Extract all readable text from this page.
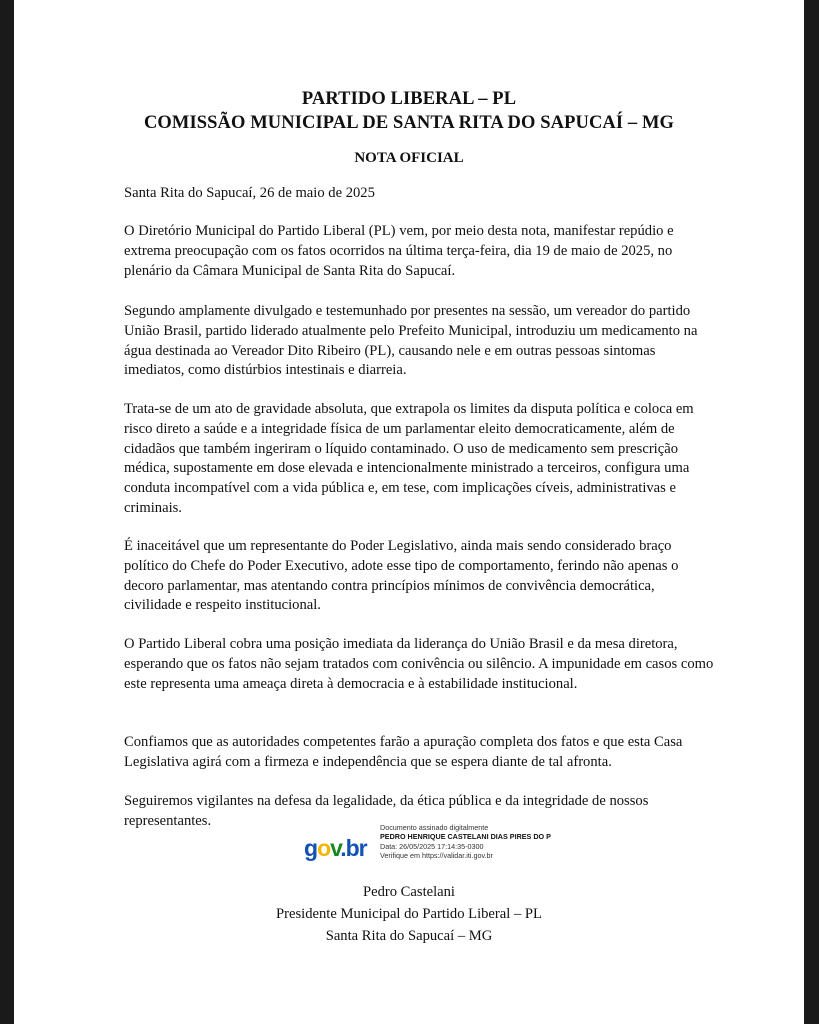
PARTIDO LIBERAL – PL
COMISSÃO MUNICIPAL DE SANTA RITA DO SAPUCAÍ – MG
NOTA OFICIAL

Santa Rita do Sapucaí, 26 de maio de 2025

O Diretório Municipal do Partido Liberal (PL) vem, por meio desta nota, manifestar repúdio e extrema preocupação com os fatos ocorridos na última terça-feira, dia 19 de maio de 2025, no plenário da Câmara Municipal de Santa Rita do Sapucaí.

Segundo amplamente divulgado e testemunhado por presentes na sessão, um vereador do partido União Brasil, partido liderado atualmente pelo Prefeito Municipal, introduziu um medicamento na água destinada ao Vereador Dito Ribeiro (PL), causando nele e em outras pessoas sintomas imediatos, como distúrbios intestinais e diarreia.

Trata-se de um ato de gravidade absoluta, que extrapola os limites da disputa política e coloca em risco direto a saúde e a integridade física de um parlamentar eleito democraticamente, além de cidadãos que também ingeriram o líquido contaminado. O uso de medicamento sem prescrição médica, supostamente em dose elevada e intencionalmente ministrado a terceiros, configura uma conduta incompatível com a vida pública e, em tese, com implicações cíveis, administrativas e criminais.

É inaceitável que um representante do Poder Legislativo, ainda mais sendo considerado braço político do Chefe do Poder Executivo, adote esse tipo de comportamento, ferindo não apenas o decoro parlamentar, mas atentando contra princípios mínimos de convivência democrática, civilidade e respeito institucional.

O Partido Liberal cobra uma posição imediata da liderança do União Brasil e da mesa diretora, esperando que os fatos não sejam tratados com conivência ou silêncio. A impunidade em casos como este representa uma ameaça direta à democracia e à estabilidade institucional.

Confiamos que as autoridades competentes farão a apuração completa dos fatos e que esta Casa Legislativa agirá com a firmeza e independência que se espera diante de tal afronta.

Seguiremos vigilantes na defesa da legalidade, da ética pública e da integridade de nossos representantes.

gov.br
Documento assinado digitalmente
PEDRO HENRIQUE CASTELANI DIAS PIRES DO P
Data: 26/05/2025 17:14:35-0300
Verifique em https://validar.iti.gov.br
Pedro Castelani
Presidente Municipal do Partido Liberal – PL
Santa Rita do Sapucaí – MG
